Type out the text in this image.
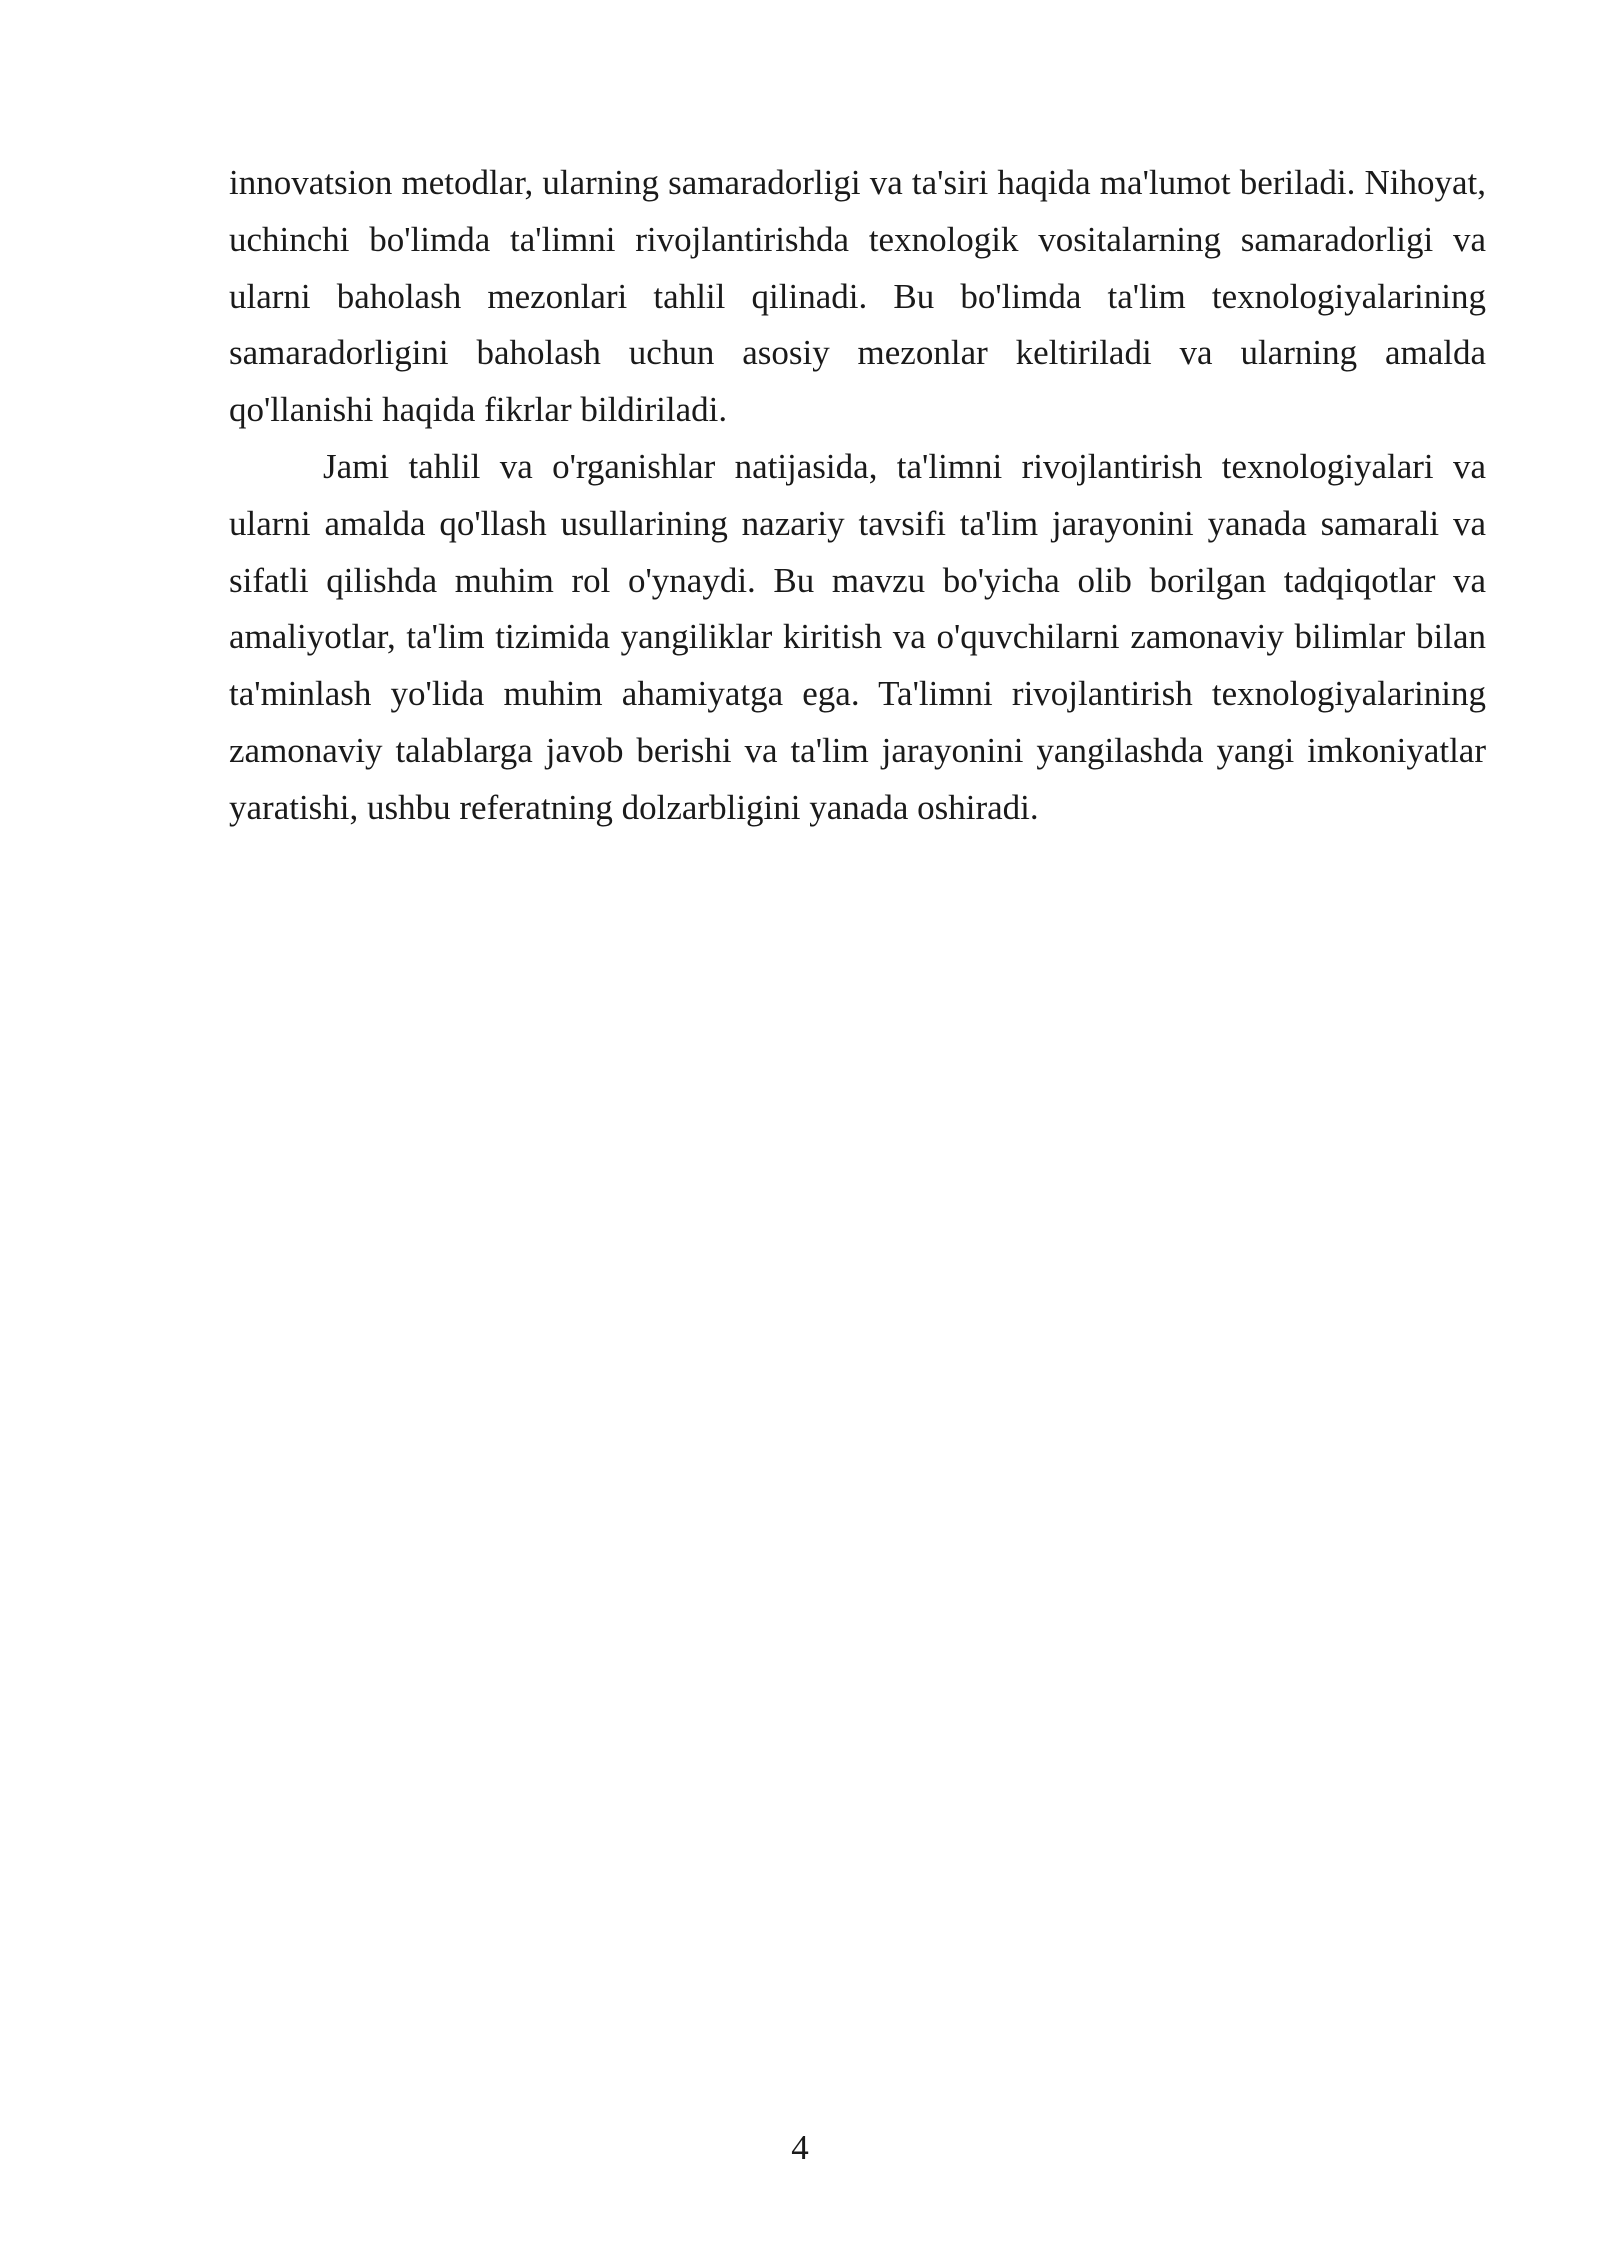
innovatsion metodlar, ularning samaradorligi va ta'siri haqida ma'lumot beriladi. Nihoyat, uchinchi bo'limda ta'limni rivojlantirishda texnologik vositalarning samaradorligi va ularni baholash mezonlari tahlil qilinadi. Bu bo'limda ta'lim texnologiyalarining samaradorligini baholash uchun asosiy mezonlar keltiriladi va ularning amalda qo'llanishi haqida fikrlar bildiriladi.

Jami tahlil va o'rganishlar natijasida, ta'limni rivojlantirish texnologiyalari va ularni amalda qo'llash usullarining nazariy tavsifi ta'lim jarayonini yanada samarali va sifatli qilishda muhim rol o'ynaydi. Bu mavzu bo'yicha olib borilgan tadqiqotlar va amaliyotlar, ta'lim tizimida yangiliklar kiritish va o'quvchilarni zamonaviy bilimlar bilan ta'minlash yo'lida muhim ahamiyatga ega. Ta'limni rivojlantirish texnologiyalarining zamonaviy talablarga javob berishi va ta'lim jarayonini yangilashda yangi imkoniyatlar yaratishi, ushbu referatning dolzarbligini yanada oshiradi.

4
